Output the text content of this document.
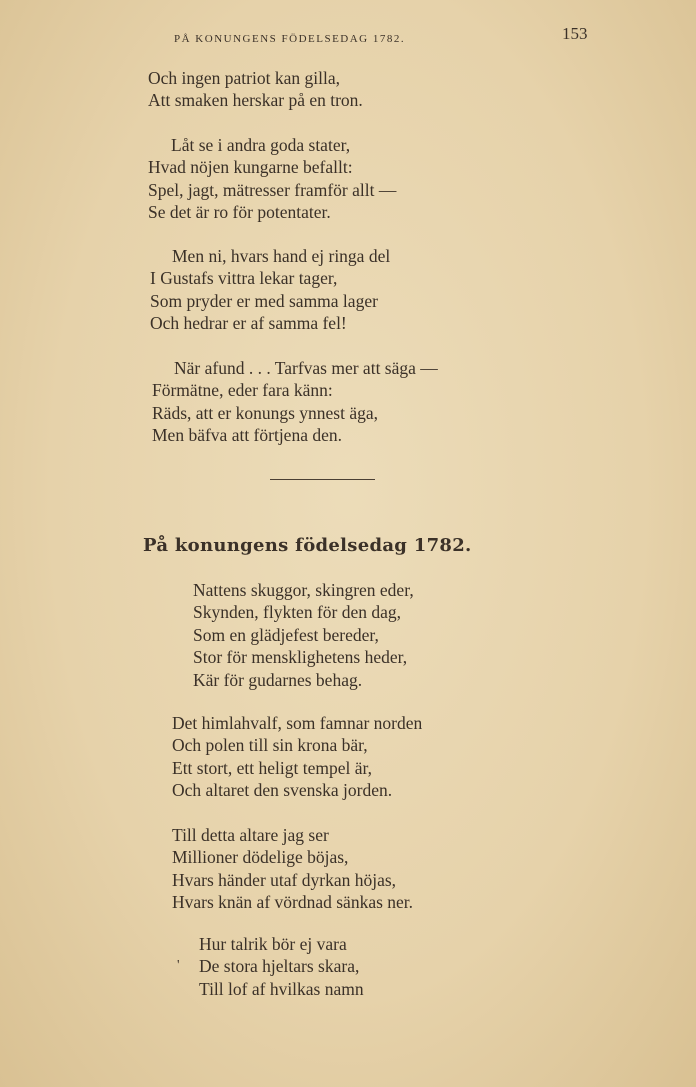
PÅ KONUNGENS FÖDELSEDAG 1782.	153
Och ingen patriot kan gilla,
Att smaken herskar på en tron.
Låt se i andra goda stater,
Hvad nöjen kungarne befallt:
Spel, jagt, mätresser framför allt —
Se det är ro för potentater.
Men ni, hvars hand ej ringa del
I Gustafs vittra lekar tager,
Som pryder er med samma lager
Och hedrar er af samma fel!
När afund . . . Tarfvas mer att säga —
Förmätne, eder fara känn:
Räds, att er konungs ynnest äga,
Men bäfva att förtjena den.
På konungens födelsedag 1782.
Nattens skuggor, skingren eder,
Skynden, flykten för den dag,
Som en glädjefest bereder,
Stor för mensklighetens heder,
Kär för gudarnes behag.
Det himlahvalf, som famnar norden
Och polen till sin krona bär,
Ett stort, ett heligt tempel är,
Och altaret den svenska jorden.
Till detta altare jag ser
Millioner dödelige böjas,
Hvars händer utaf dyrkan höjas,
Hvars knän af vördnad sänkas ner.
'
Hur talrik bör ej vara
De stora hjeltars skara,
Till lof af hvilkas namn
